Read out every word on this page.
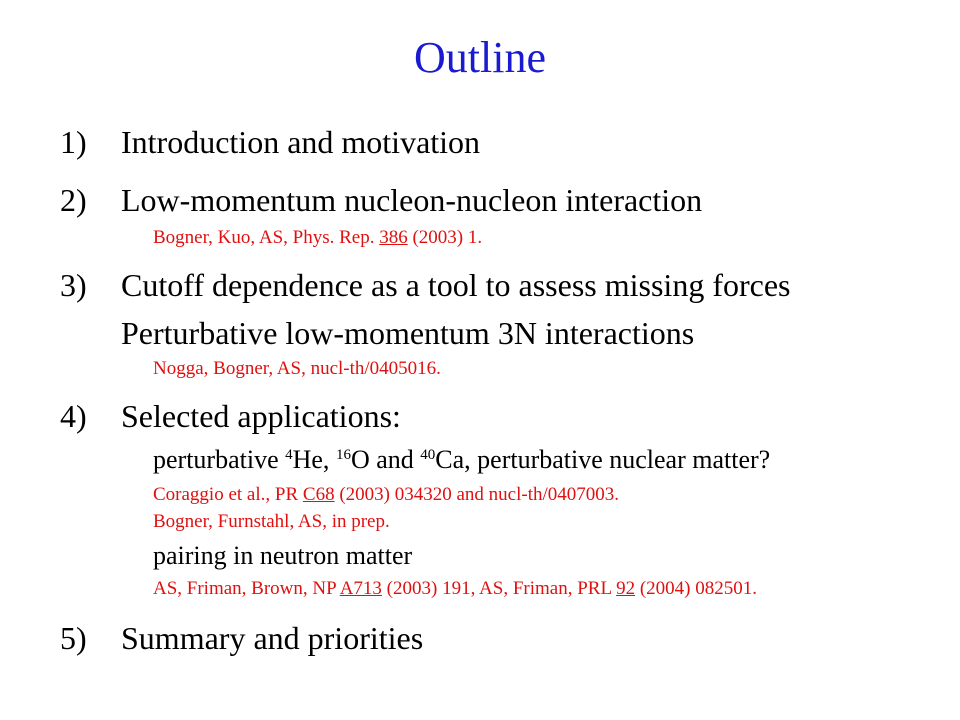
Outline
1) Introduction and motivation
2) Low-momentum nucleon-nucleon interaction
Bogner, Kuo, AS, Phys. Rep. 386 (2003) 1.
3) Cutoff dependence as a tool to assess missing forces
Perturbative low-momentum 3N interactions
Nogga, Bogner, AS, nucl-th/0405016.
4) Selected applications:
perturbative $^4$He, $^{16}$O and $^{40}$Ca, perturbative nuclear matter?
Coraggio et al., PR C68 (2003) 034320 and nucl-th/0407003.
Bogner, Furnstahl, AS, in prep.
pairing in neutron matter
AS, Friman, Brown, NP A713 (2003) 191, AS, Friman, PRL 92 (2004) 082501.
5) Summary and priorities
